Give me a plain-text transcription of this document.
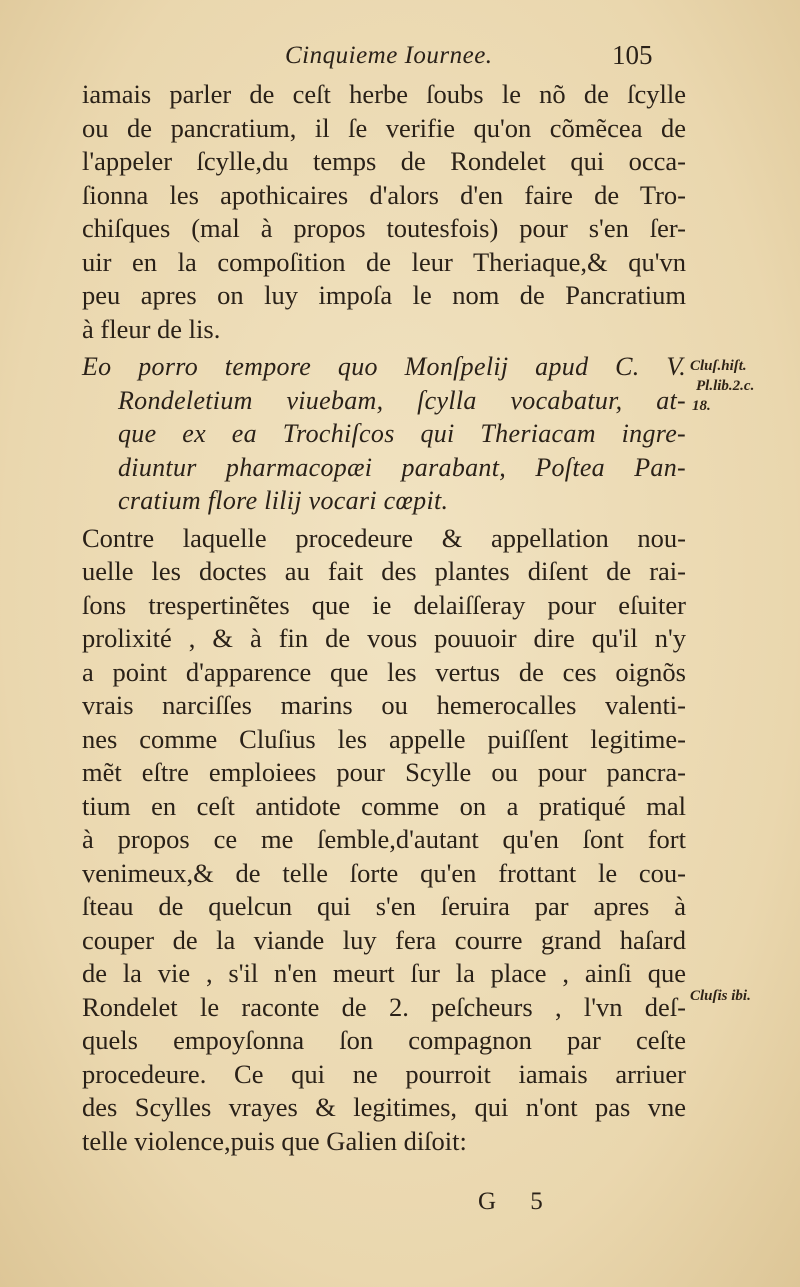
Cinquieme Iournee.	105
iamais parler de ceſt herbe ſoubs le nõ de ſcylle
ou de pancratium, il ſe verifie qu'on cõmẽcea de
l'appeler ſcylle,du temps de Rondelet qui occa-
ſionna les apothicaires d'alors d'en faire de Tro-
chiſques (mal à propos toutesfois) pour s'en ſer-
uir en la compoſition de leur Theriaque,& qu'vn
peu apres on luy impoſa le nom de Pancratium
à fleur de lis.
Eo porro tempore quo Monſpelij apud C. V.
Rondeletium viuebam, ſcylla vocabatur, at-
que ex ea Trochiſcos qui Theriacam ingre-
diuntur pharmacopæi parabant, Poſtea Pan-
cratium flore lilij vocari cœpit.
Contre laquelle procedeure & appellation nou-
uelle les doctes au fait des plantes diſent de rai-
ſons trespertinẽtes que ie delaiſſeray pour eſuiter
prolixité , & à fin de vous pouuoir dire qu'il n'y
a point d'apparence que les vertus de ces oignõs
vrais narciſſes marins ou hemerocalles valenti-
nes comme Cluſius les appelle puiſſent legitime-
mẽt eſtre emploiees pour Scylle ou pour pancra-
tium en ceſt antidote comme on a pratiqué mal
à propos ce me ſemble,d'autant qu'en ſont fort
venimeux,& de telle ſorte qu'en frottant le cou-
ſteau de quelcun qui s'en ſeruira par apres à
couper de la viande luy fera courre grand haſard
de la vie , s'il n'en meurt ſur la place , ainſi que
Rondelet le raconte de 2. peſcheurs , l'vn deſ-
quels empoyſonna ſon compagnon par ceſte
procedeure. Ce qui ne pourroit iamais arriuer
des Scylles vrayes & legitimes, qui n'ont pas vne
telle violence,puis que Galien diſoit:
Cluſ.hiſt.
Pl.lib.2.c.
18.
Cluſis ibi.
G 5
